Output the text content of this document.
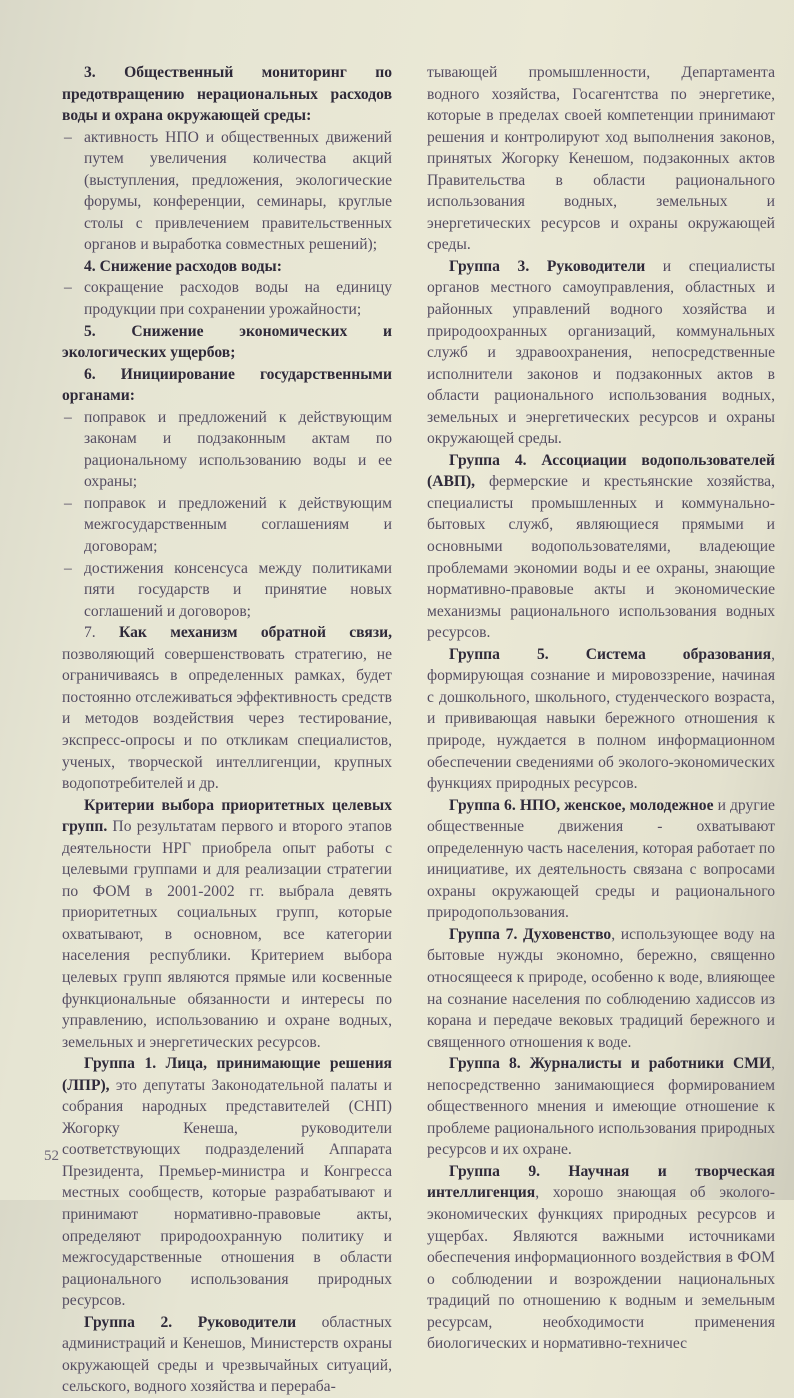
3. Общественный мониторинг по предотвращению нерациональных расходов воды и охрана окружающей среды:

– активность НПО и общественных движений путем увеличения количества акций (выступления, предложения, экологические форумы, конференции, семинары, круглые столы с привлечением правительственных органов и выработка совместных решений);

4. Снижение расходов воды:

– сокращение расходов воды на единицу продукции при сохранении урожайности;

5. Снижение экономических и экологических ущербов;

6. Инициирование государственными органами:

– поправок и предложений к действующим законам и подзаконным актам по рациональному использованию воды и ее охраны;

– поправок и предложений к действующим межгосударственным соглашениям и договорам;

– достижения консенсуса между политиками пяти государств и принятие новых соглашений и договоров;

7. Как механизм обратной связи, позволяющий совершенствовать стратегию, не ограничиваясь в определенных рамках, будет постоянно отслеживаться эффективность средств и методов воздействия через тестирование, экспресс-опросы и по откликам специалистов, ученых, творческой интеллигенции, крупных водопотребителей и др.

Критерии выбора приоритетных целевых групп. По результатам первого и второго этапов деятельности НРГ приобрела опыт работы с целевыми группами и для реализации стратегии по ФОМ в 2001-2002 гг. выбрала девять приоритетных социальных групп, которые охватывают, в основном, все категории населения республики. Критерием выбора целевых групп являются прямые или косвенные функциональные обязанности и интересы по управлению, использованию и охране водных, земельных и энергетических ресурсов.

Группа 1. Лица, принимающие решения (ЛПР), это депутаты Законодательной палаты и собрания народных представителей (СНП) Жогорку Кенеша, руководители соответствующих подразделений Аппарата Президента, Премьер-министра и Конгресса местных сообществ, которые разрабатывают и принимают нормативно-правовые акты, определяют природоохранную политику и межгосударственные отношения в области рационального использования природных ресурсов.

Группа 2. Руководители областных администраций и Кенешов, Министерств охраны окружающей среды и чрезвычайных ситуаций, сельского, водного хозяйства и перераба-

тывающей промышленности, Департамента водного хозяйства, Госагентства по энергетике, которые в пределах своей компетенции принимают решения и контролируют ход выполнения законов, принятых Жогорку Кенешом, подзаконных актов Правительства в области рационального использования водных, земельных и энергетических ресурсов и охраны окружающей среды.

Группа 3. Руководители и специалисты органов местного самоуправления, областных и районных управлений водного хозяйства и природоохранных организаций, коммунальных служб и здравоохранения, непосредственные исполнители законов и подзаконных актов в области рационального использования водных, земельных и энергетических ресурсов и охраны окружающей среды.

Группа 4. Ассоциации водопользователей (АВП), фермерские и крестьянские хозяйства, специалисты промышленных и коммунально-бытовых служб, являющиеся прямыми и основными водопользователями, владеющие проблемами экономии воды и ее охраны, знающие нормативно-правовые акты и экономические механизмы рационального использования водных ресурсов.

Группа 5. Система образования, формирующая сознание и мировоззрение, начиная с дошкольного, школьного, студенческого возраста, и прививающая навыки бережного отношения к природе, нуждается в полном информационном обеспечении сведениями об эколого-экономических функциях природных ресурсов.

Группа 6. НПО, женское, молодежное и другие общественные движения - охватывают определенную часть населения, которая работает по инициативе, их деятельность связана с вопросами охраны окружающей среды и рационального природопользования.

Группа 7. Духовенство, использующее воду на бытовые нужды экономно, бережно, священно относящееся к природе, особенно к воде, влияющее на сознание населения по соблюдению хадиссов из корана и передаче вековых традиций бережного и священного отношения к воде.

Группа 8. Журналисты и работники СМИ, непосредственно занимающиеся формированием общественного мнения и имеющие отношение к проблеме рационального использования природных ресурсов и их охране.

Группа 9. Научная и творческая интеллигенция, хорошо знающая об эколого-экономических функциях природных ресурсов и ущербах. Являются важными источниками обеспечения информационного воздействия в ФОМ о соблюдении и возрождении национальных традиций по отношению к водным и земельным ресурсам, необходимости применения биологических и нормативно-техничес

52
